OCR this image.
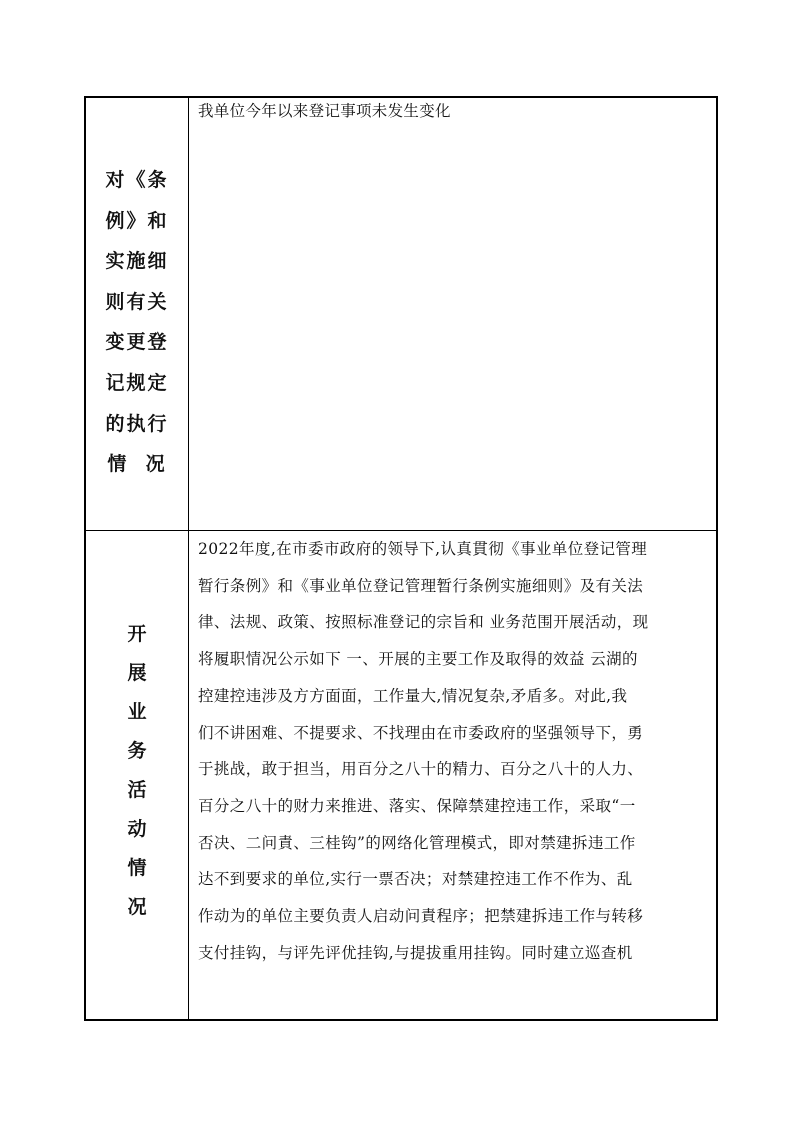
对《条
例》和
实施细
则有关
变更登
记规定
的执行
情  况

我单位今年以来登记事项未发生变化

开
展
业
务
活
动
情
况
2022年度,在市委市政府的领导下,认真貫彻《事业单位登记管理
暂行条例》和《事业单位登记管理暂行条例实施细则》及有关法
律、法规、政策、按照标准登记的宗旨和 业务范围开展活动，现
将履职情况公示如下 一、开展的主要工作及取得的效益 云湖的
控建控违涉及方方面面，工作量大,情况复杂,矛盾多。对此,我
们不讲困难、不提要求、不找理由在市委政府的坚强领导下，勇
于挑战，敢于担当，用百分之八十的精力、百分之八十的人力、
百分之八十的财力来推进、落实、保障禁建控违工作，采取“一
否决、二问責、三桂钩”的网络化管理模式，即对禁建拆违工作
达不到要求的单位,实行一票否决；对禁建控违工作不作为、乱
作动为的单位主要负责人启动问責程序；把禁建拆违工作与转移
支付挂钩，与评先评优挂钩,与提拔重用挂钩。同时建立巡查机
